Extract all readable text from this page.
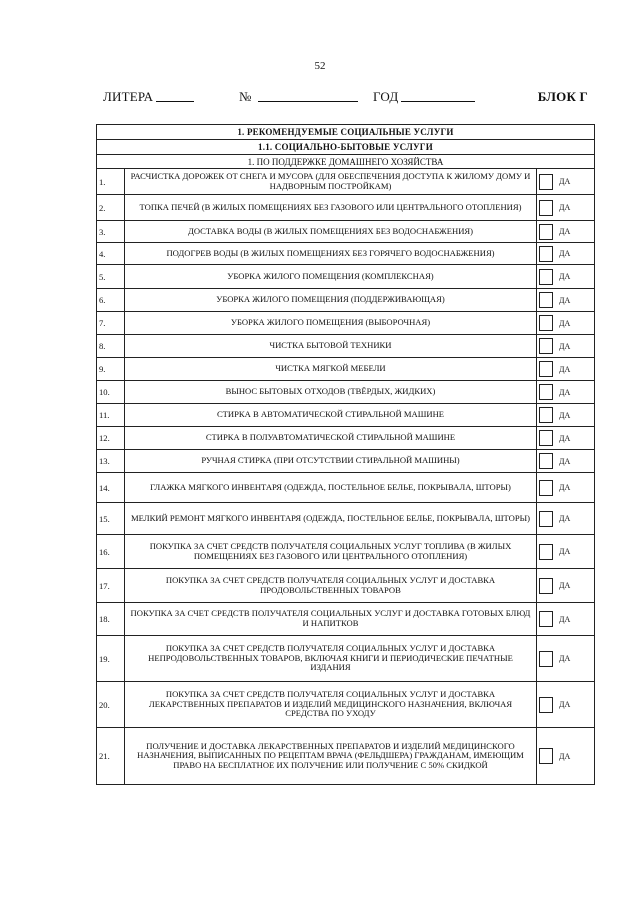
52
ЛИТЕРА	№	ГОД	БЛОК Г
1. РЕКОМЕНДУЕМЫЕ СОЦИАЛЬНЫЕ УСЛУГИ		
1.1. СОЦИАЛЬНО-БЫТОВЫЕ УСЛУГИ		
1. ПО ПОДДЕРЖКЕ ДОМАШНЕГО ХОЗЯЙСТВА		
1.	РАСЧИСТКА ДОРОЖЕК ОТ СНЕГА И МУСОРА (ДЛЯ ОБЕСПЕЧЕНИЯ ДОСТУПА К ЖИЛОМУ ДОМУ И НАДВОРНЫМ ПОСТРОЙКАМ)	ДА
2.	ТОПКА ПЕЧЕЙ (В ЖИЛЫХ ПОМЕЩЕНИЯХ БЕЗ ГАЗОВОГО ИЛИ ЦЕНТРАЛЬНОГО ОТОПЛЕНИЯ)	ДА
3.	ДОСТАВКА ВОДЫ (В ЖИЛЫХ ПОМЕЩЕНИЯХ БЕЗ ВОДОСНАБЖЕНИЯ)	ДА
4.	ПОДОГРЕВ ВОДЫ (В ЖИЛЫХ ПОМЕЩЕНИЯХ БЕЗ ГОРЯЧЕГО ВОДОСНАБЖЕНИЯ)	ДА
5.	УБОРКА ЖИЛОГО ПОМЕЩЕНИЯ (КОМПЛЕКСНАЯ)	ДА
6.	УБОРКА ЖИЛОГО ПОМЕЩЕНИЯ (ПОДДЕРЖИВАЮЩАЯ)	ДА
7.	УБОРКА ЖИЛОГО ПОМЕЩЕНИЯ (ВЫБОРОЧНАЯ)	ДА
8.	ЧИСТКА БЫТОВОЙ ТЕХНИКИ	ДА
9.	ЧИСТКА МЯГКОЙ МЕБЕЛИ	ДА
10.	ВЫНОС БЫТОВЫХ ОТХОДОВ (ТВЁРДЫХ, ЖИДКИХ)	ДА
11.	СТИРКА В АВТОМАТИЧЕСКОЙ СТИРАЛЬНОЙ МАШИНЕ	ДА
12.	СТИРКА В ПОЛУАВТОМАТИЧЕСКОЙ СТИРАЛЬНОЙ МАШИНЕ	ДА
13.	РУЧНАЯ СТИРКА (ПРИ ОТСУТСТВИИ СТИРАЛЬНОЙ МАШИНЫ)	ДА
14.	ГЛАЖКА МЯГКОГО ИНВЕНТАРЯ (ОДЕЖДА, ПОСТЕЛЬНОЕ БЕЛЬЕ, ПОКРЫВАЛА, ШТОРЫ)	ДА
15.	МЕЛКИЙ РЕМОНТ МЯГКОГО ИНВЕНТАРЯ (ОДЕЖДА, ПОСТЕЛЬНОЕ БЕЛЬЕ, ПОКРЫВАЛА, ШТОРЫ)	ДА
16.	ПОКУПКА ЗА СЧЕТ СРЕДСТВ ПОЛУЧАТЕЛЯ СОЦИАЛЬНЫХ УСЛУГ ТОПЛИВА (В ЖИЛЫХ ПОМЕЩЕНИЯХ БЕЗ ГАЗОВОГО ИЛИ ЦЕНТРАЛЬНОГО ОТОПЛЕНИЯ)	ДА
17.	ПОКУПКА ЗА СЧЕТ СРЕДСТВ ПОЛУЧАТЕЛЯ СОЦИАЛЬНЫХ УСЛУГ И ДОСТАВКА ПРОДОВОЛЬСТВЕННЫХ ТОВАРОВ	ДА
18.	ПОКУПКА ЗА СЧЕТ СРЕДСТВ ПОЛУЧАТЕЛЯ СОЦИАЛЬНЫХ УСЛУГ И ДОСТАВКА ГОТОВЫХ БЛЮД И НАПИТКОВ	ДА
19.	ПОКУПКА ЗА СЧЕТ СРЕДСТВ ПОЛУЧАТЕЛЯ СОЦИАЛЬНЫХ УСЛУГ И ДОСТАВКА НЕПРОДОВОЛЬСТВЕННЫХ ТОВАРОВ, ВКЛЮЧАЯ КНИГИ И ПЕРИОДИЧЕСКИЕ ПЕЧАТНЫЕ ИЗДАНИЯ	ДА
20.	ПОКУПКА ЗА СЧЕТ СРЕДСТВ ПОЛУЧАТЕЛЯ СОЦИАЛЬНЫХ УСЛУГ И ДОСТАВКА ЛЕКАРСТВЕННЫХ ПРЕПАРАТОВ И ИЗДЕЛИЙ МЕДИЦИНСКОГО НАЗНАЧЕНИЯ, ВКЛЮЧАЯ СРЕДСТВА ПО УХОДУ	ДА
21.	ПОЛУЧЕНИЕ И ДОСТАВКА ЛЕКАРСТВЕННЫХ ПРЕПАРАТОВ И ИЗДЕЛИЙ МЕДИЦИНСКОГО НАЗНАЧЕНИЯ, ВЫПИСАННЫХ ПО РЕЦЕПТАМ ВРАЧА (ФЕЛЬДШЕРА) ГРАЖДАНАМ, ИМЕЮЩИМ ПРАВО НА БЕСПЛАТНОЕ ИХ ПОЛУЧЕНИЕ ИЛИ ПОЛУЧЕНИЕ С 50% СКИДКОЙ	ДА
